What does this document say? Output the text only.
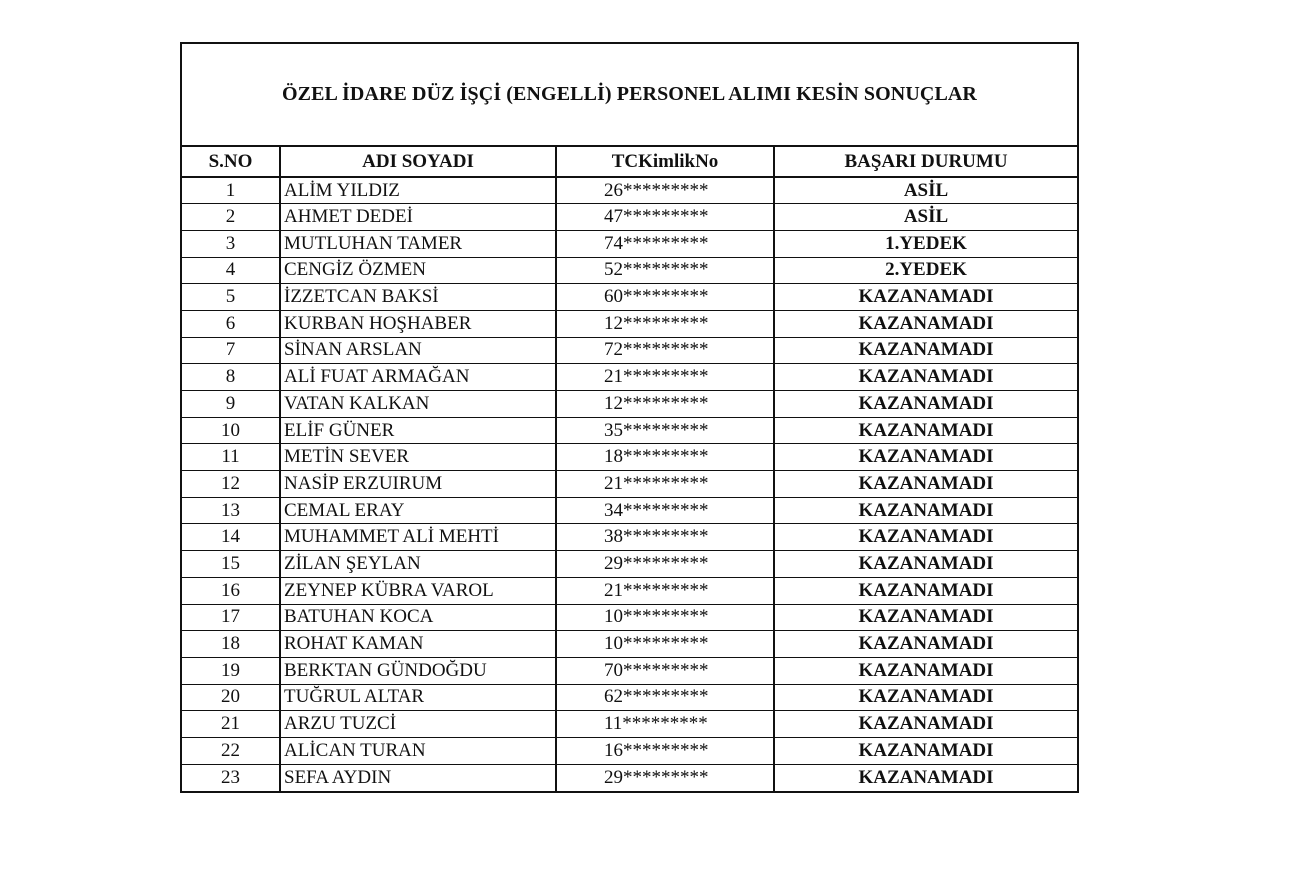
ÖZEL İDARE DÜZ İŞÇİ (ENGELLİ) PERSONEL ALIMI KESİN SONUÇLAR
S.NO	ADI SOYADI	TCKimlikNo	BAŞARI DURUMU
1	ALİM YILDIZ	26*********	ASİL
2	AHMET DEDEİ	47*********	ASİL
3	MUTLUHAN TAMER	74*********	1.YEDEK
4	CENGİZ ÖZMEN	52*********	2.YEDEK
5	İZZETCAN BAKSİ	60*********	KAZANAMADI
6	KURBAN HOŞHABER	12*********	KAZANAMADI
7	SİNAN ARSLAN	72*********	KAZANAMADI
8	ALİ FUAT ARMAĞAN	21*********	KAZANAMADI
9	VATAN KALKAN	12*********	KAZANAMADI
10	ELİF GÜNER	35*********	KAZANAMADI
11	METİN SEVER	18*********	KAZANAMADI
12	NASİP ERZUIRUM	21*********	KAZANAMADI
13	CEMAL ERAY	34*********	KAZANAMADI
14	MUHAMMET ALİ MEHTİ	38*********	KAZANAMADI
15	ZİLAN ŞEYLAN	29*********	KAZANAMADI
16	ZEYNEP KÜBRA VAROL	21*********	KAZANAMADI
17	BATUHAN KOCA	10*********	KAZANAMADI
18	ROHAT KAMAN	10*********	KAZANAMADI
19	BERKTAN GÜNDOĞDU	70*********	KAZANAMADI
20	TUĞRUL ALTAR	62*********	KAZANAMADI
21	ARZU TUZCİ	11*********	KAZANAMADI
22	ALİCAN TURAN	16*********	KAZANAMADI
23	SEFA AYDIN	29*********	KAZANAMADI
